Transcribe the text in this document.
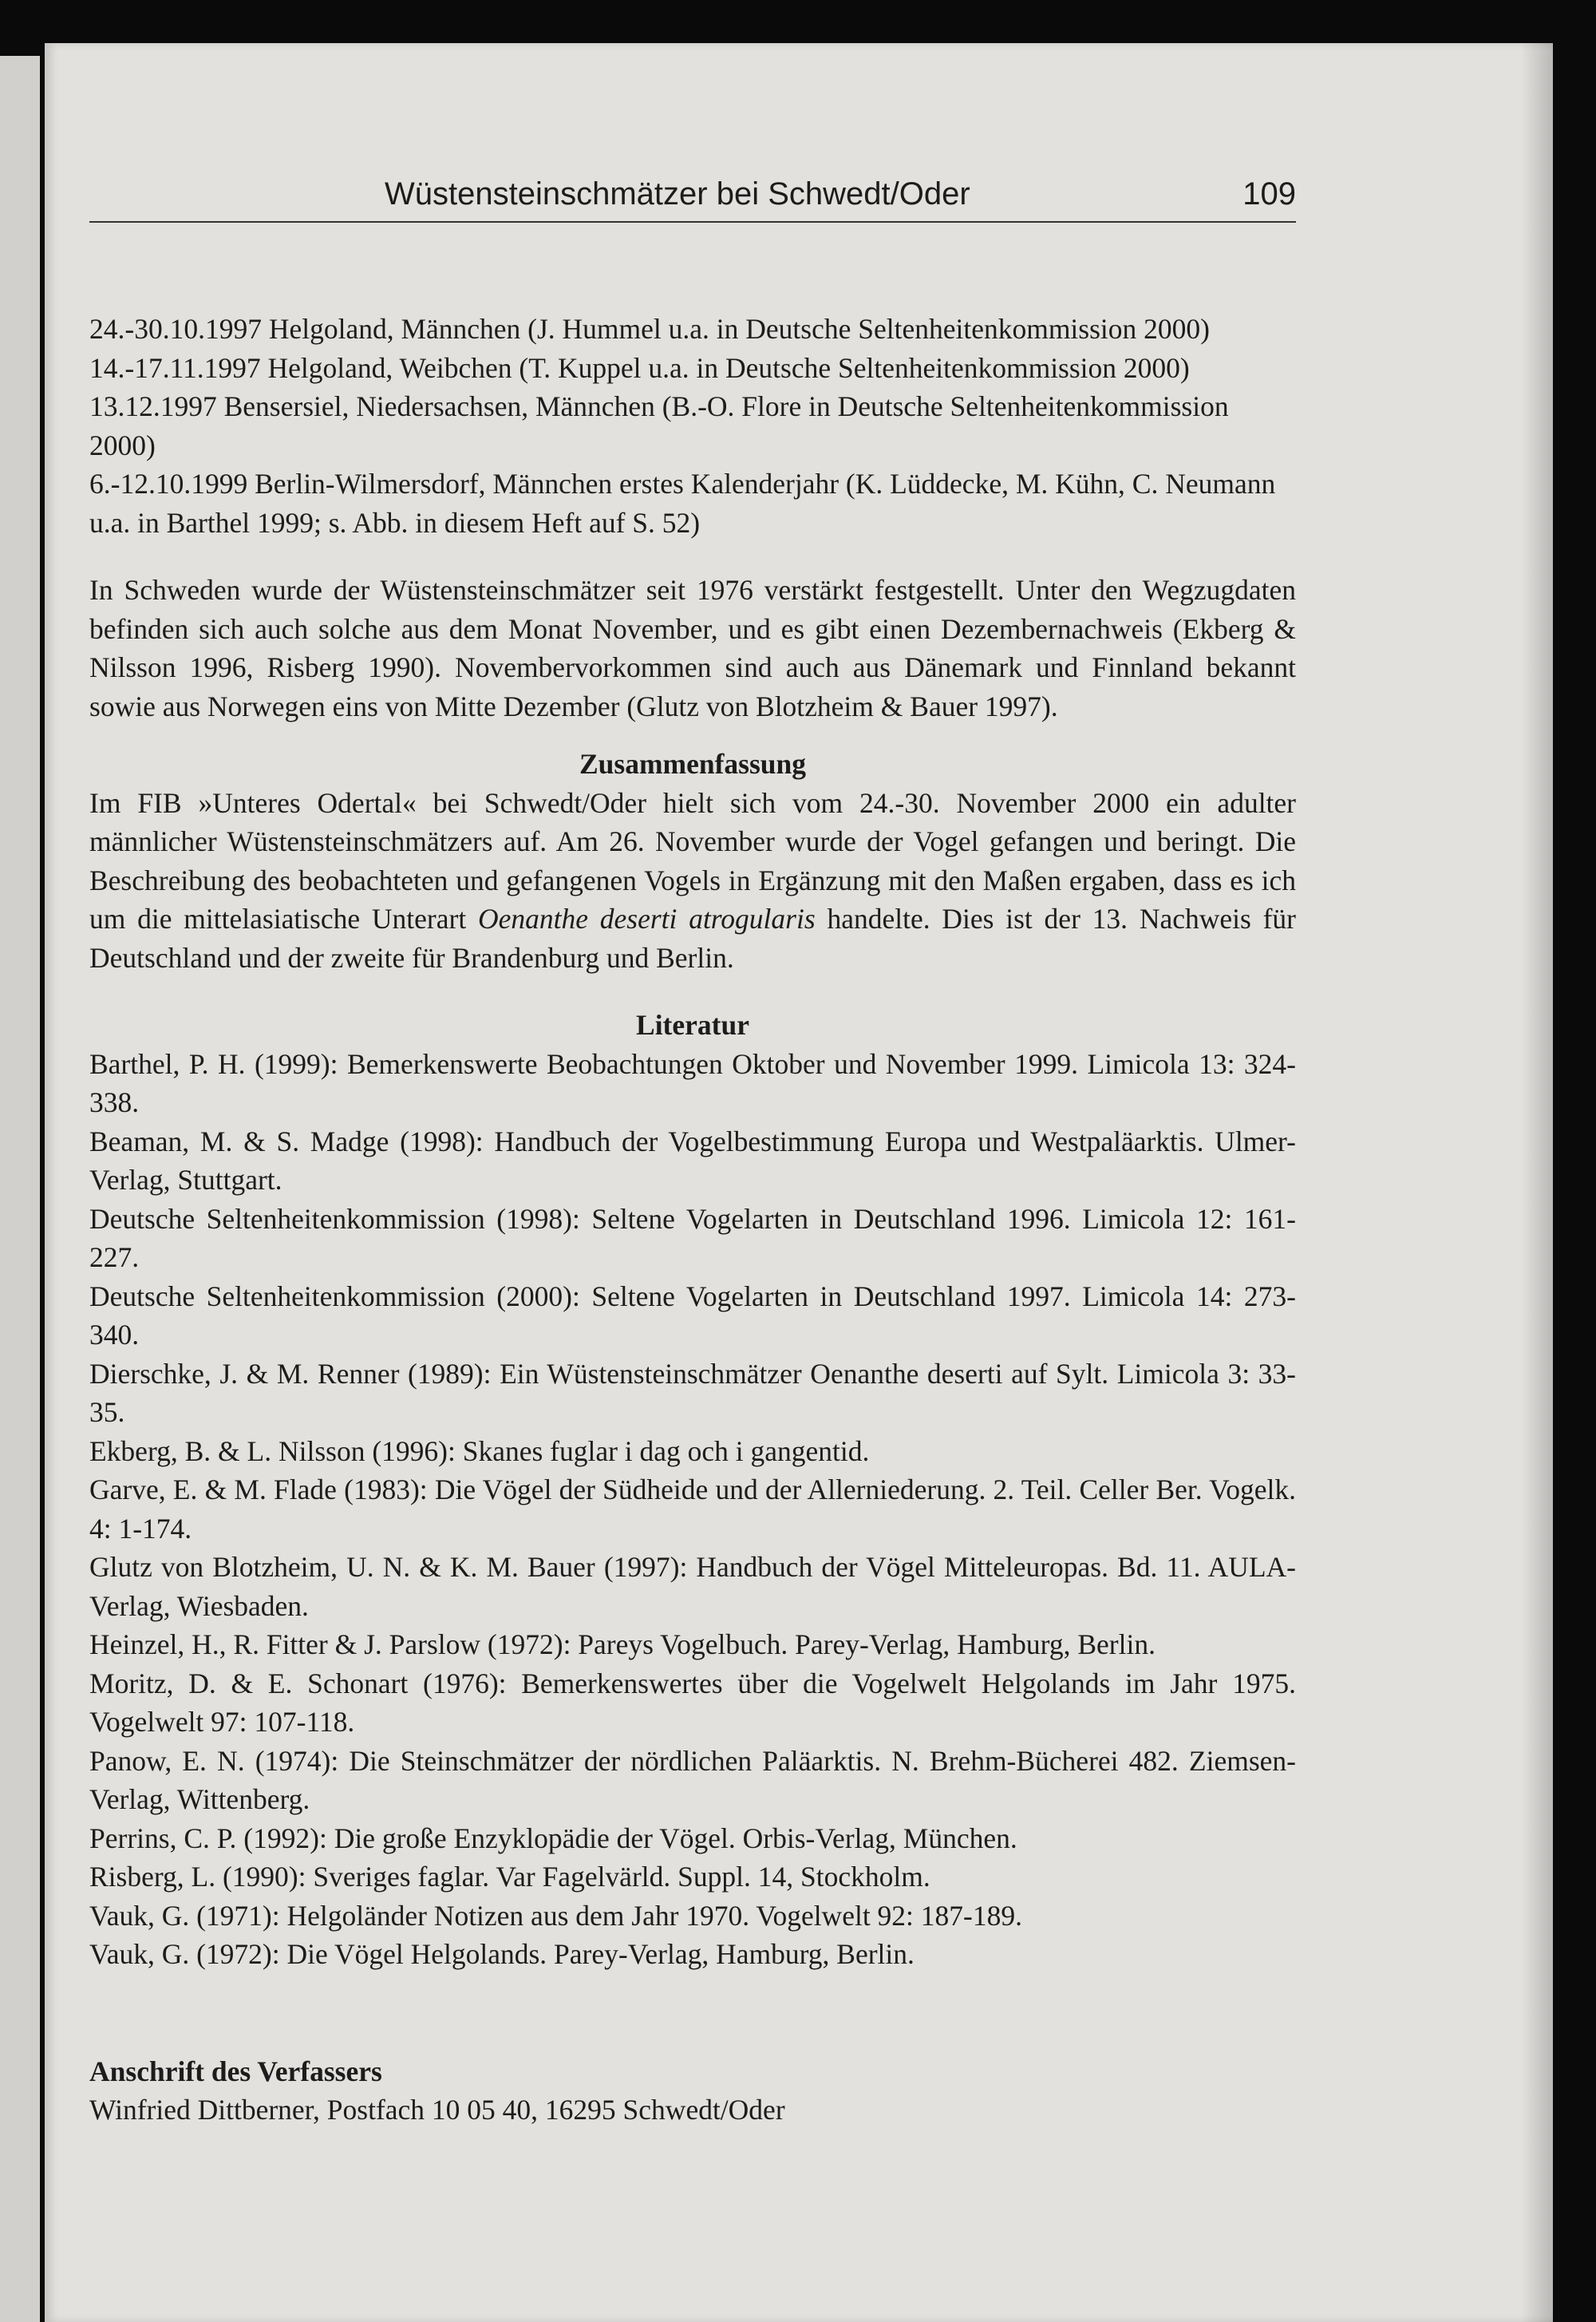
Wüstensteinschmätzer bei Schwedt/Oder	109

24.-30.10.1997 Helgoland, Männchen (J. Hummel u.a. in Deutsche Seltenheitenkommission 2000)

14.-17.11.1997 Helgoland, Weibchen (T. Kuppel u.a. in Deutsche Seltenheitenkommission 2000)

13.12.1997 Bensersiel, Niedersachsen, Männchen (B.-O. Flore in Deutsche Seltenheitenkommission 2000)

6.-12.10.1999 Berlin-Wilmersdorf, Männchen erstes Kalenderjahr (K. Lüddecke, M. Kühn, C. Neumann u.a. in Barthel 1999; s. Abb. in diesem Heft auf S. 52)

In Schweden wurde der Wüstensteinschmätzer seit 1976 verstärkt festgestellt. Unter den Wegzugdaten befinden sich auch solche aus dem Monat November, und es gibt einen Dezembernachweis (Ekberg & Nilsson 1996, Risberg 1990). Novembervorkommen sind auch aus Dänemark und Finnland bekannt sowie aus Norwegen eins von Mitte Dezember (Glutz von Blotzheim & Bauer 1997).

Zusammenfassung

Im FIB »Unteres Odertal« bei Schwedt/Oder hielt sich vom 24.-30. November 2000 ein adulter männlicher Wüstensteinschmätzers auf. Am 26. November wurde der Vogel gefangen und beringt. Die Beschreibung des beobachteten und gefangenen Vogels in Ergänzung mit den Maßen ergaben, dass es ich um die mittelasiatische Unterart Oenanthe deserti atrogularis handelte. Dies ist der 13. Nachweis für Deutschland und der zweite für Brandenburg und Berlin.

Literatur

Barthel, P. H. (1999): Bemerkenswerte Beobachtungen Oktober und November 1999. Limicola 13: 324-338.

Beaman, M. & S. Madge (1998): Handbuch der Vogelbestimmung Europa und Westpaläarktis. Ulmer-Verlag, Stuttgart.

Deutsche Seltenheitenkommission (1998): Seltene Vogelarten in Deutschland 1996. Limicola 12: 161-227.

Deutsche Seltenheitenkommission (2000): Seltene Vogelarten in Deutschland 1997. Limicola 14: 273-340.

Dierschke, J. & M. Renner (1989): Ein Wüstensteinschmätzer Oenanthe deserti auf Sylt. Limicola 3: 33-35.

Ekberg, B. & L. Nilsson (1996): Skanes fuglar i dag och i gangentid.

Garve, E. & M. Flade (1983): Die Vögel der Südheide und der Allerniederung. 2. Teil. Celler Ber. Vogelk. 4: 1-174.

Glutz von Blotzheim, U. N. & K. M. Bauer (1997): Handbuch der Vögel Mitteleuropas. Bd. 11. AULA-Verlag, Wiesbaden.

Heinzel, H., R. Fitter & J. Parslow (1972): Pareys Vogelbuch. Parey-Verlag, Hamburg, Berlin.

Moritz, D. & E. Schonart (1976): Bemerkenswertes über die Vogelwelt Helgolands im Jahr 1975. Vogelwelt 97: 107-118.

Panow, E. N. (1974): Die Steinschmätzer der nördlichen Paläarktis. N. Brehm-Bücherei 482. Ziemsen-Verlag, Wittenberg.

Perrins, C. P. (1992): Die große Enzyklopädie der Vögel. Orbis-Verlag, München.

Risberg, L. (1990): Sveriges faglar. Var Fagelvärld. Suppl. 14, Stockholm.

Vauk, G. (1971): Helgoländer Notizen aus dem Jahr 1970. Vogelwelt 92: 187-189.

Vauk, G. (1972): Die Vögel Helgolands. Parey-Verlag, Hamburg, Berlin.

Anschrift des Verfassers

Winfried Dittberner, Postfach 10 05 40, 16295 Schwedt/Oder
